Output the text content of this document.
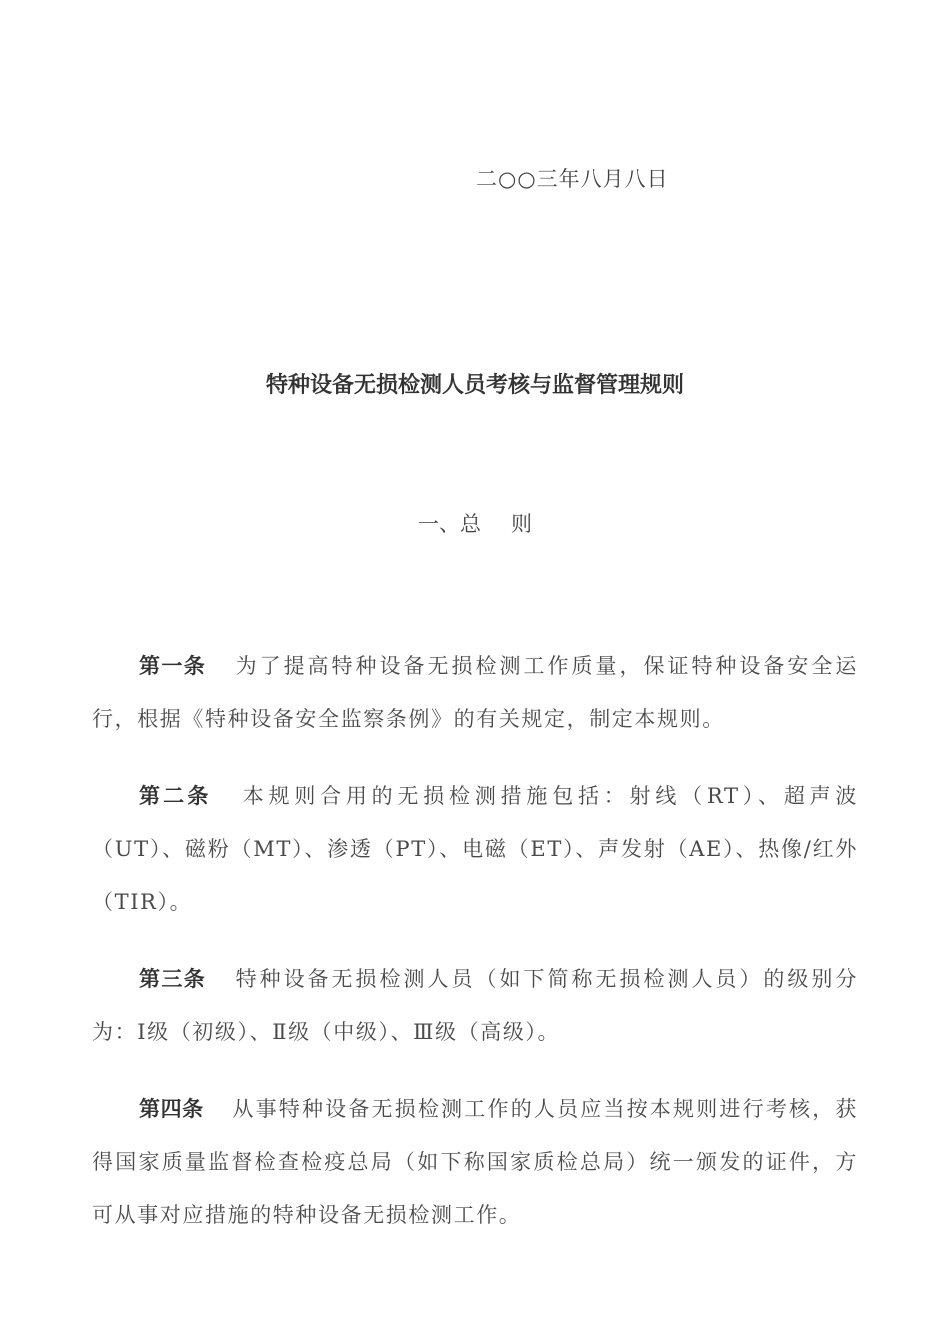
二○○三年八月八日
特种设备无损检测人员考核与监督管理规则
一、总 则

第一条 为了提高特种设备无损检测工作质量，保证特种设备安全运行，根据《特种设备安全监察条例》的有关规定，制定本规则。

第二条 本规则合用的无损检测措施包括：射线（RT）、超声波（UT）、磁粉（MT）、渗透（PT）、电磁（ET）、声发射（AE）、热像/红外（TIR）。

第三条 特种设备无损检测人员（如下简称无损检测人员）的级别分为：Ⅰ级（初级）、Ⅱ级（中级）、Ⅲ级（高级）。

第四条 从事特种设备无损检测工作的人员应当按本规则进行考核，获得国家质量监督检查检疫总局（如下称国家质检总局）统一颁发的证件，方可从事对应措施的特种设备无损检测工作。
